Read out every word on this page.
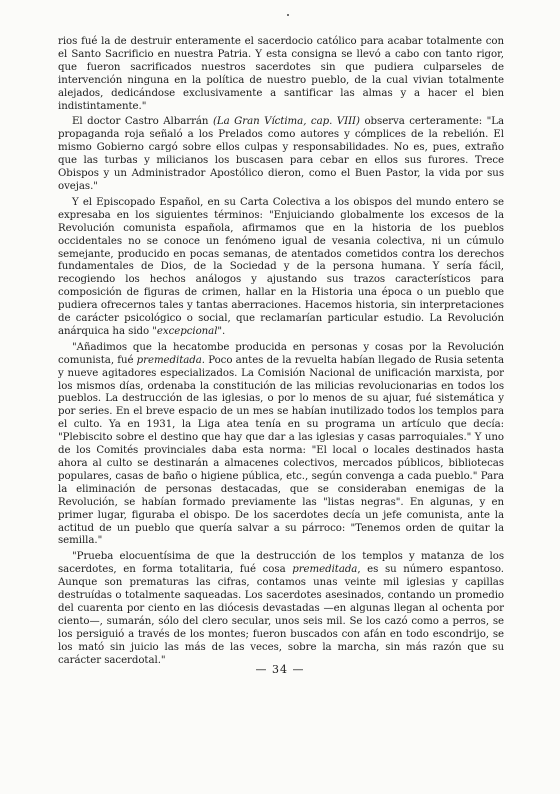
rios fué la de destruir enteramente el sacerdocio católico para acabar totalmente con el Santo Sacrificio en nuestra Patria. Y esta consigna se llevó a cabo con tanto rigor, que fueron sacrificados nuestros sacerdotes sin que pudiera culparseles de intervención ninguna en la política de nuestro pueblo, de la cual vivian totalmente alejados, dedicándose exclusivamente a santificar las almas y a hacer el bien indistintamente."

El doctor Castro Albarrán (La Gran Víctima, cap. VIII) observa certeramente: "La propaganda roja señaló a los Prelados como autores y cómplices de la rebelión. El mismo Gobierno cargó sobre ellos culpas y responsabilidades. No es, pues, extraño que las turbas y milicianos los buscasen para cebar en ellos sus furores. Trece Obispos y un Administrador Apostólico dieron, como el Buen Pastor, la vida por sus ovejas."

Y el Episcopado Español, en su Carta Colectiva a los obispos del mundo entero se expresaba en los siguientes términos: "Enjuiciando globalmente los excesos de la Revolución comunista española, afirmamos que en la historia de los pueblos occidentales no se conoce un fenómeno igual de vesania colectiva, ni un cúmulo semejante, producido en pocas semanas, de atentados cometidos contra los derechos fundamentales de Dios, de la Sociedad y de la persona humana. Y sería fácil, recogiendo los hechos análogos y ajustando sus trazos característicos para composición de figuras de crimen, hallar en la Historia una época o un pueblo que pudiera ofrecernos tales y tantas aberraciones. Hacemos historia, sin interpretaciones de carácter psicológico o social, que reclamarían particular estudio. La Revolución anárquica ha sido "excepcional".

"Añadimos que la hecatombe producida en personas y cosas por la Revolución comunista, fué premeditada. Poco antes de la revuelta habían llegado de Rusia setenta y nueve agitadores especializados. La Comisión Nacional de unificación marxista, por los mismos días, ordenaba la constitución de las milicias revolucionarias en todos los pueblos. La destrucción de las iglesias, o por lo menos de su ajuar, fué sistemática y por series. En el breve espacio de un mes se habían inutilizado todos los templos para el culto. Ya en 1931, la Liga atea tenía en su programa un artículo que decía: "Plebiscito sobre el destino que hay que dar a las iglesias y casas parroquiales." Y uno de los Comités provinciales daba esta norma: "El local o locales destinados hasta ahora al culto se destinarán a almacenes colectivos, mercados públicos, bibliotecas populares, casas de baño o higiene pública, etc., según convenga a cada pueblo." Para la eliminación de personas destacadas, que se consideraban enemigas de la Revolución, se habían formado previamente las "listas negras". En algunas, y en primer lugar, figuraba el obispo. De los sacerdotes decía un jefe comunista, ante la actitud de un pueblo que quería salvar a su párroco: "Tenemos orden de quitar la semilla."

"Prueba elocuentísima de que la destrucción de los templos y matanza de los sacerdotes, en forma totalitaria, fué cosa premeditada, es su número espantoso. Aunque son prematuras las cifras, contamos unas veinte mil iglesias y capillas destruídas o totalmente saqueadas. Los sacerdotes asesinados, contando un promedio del cuarenta por ciento en las diócesis devastadas —en algunas llegan al ochenta por ciento—, sumarán, sólo del clero secular, unos seis mil. Se los cazó como a perros, se los persiguió a través de los montes; fueron buscados con afán en todo escondrijo, se los mató sin juicio las más de las veces, sobre la marcha, sin más razón que su carácter sacerdotal."

— 34 —
